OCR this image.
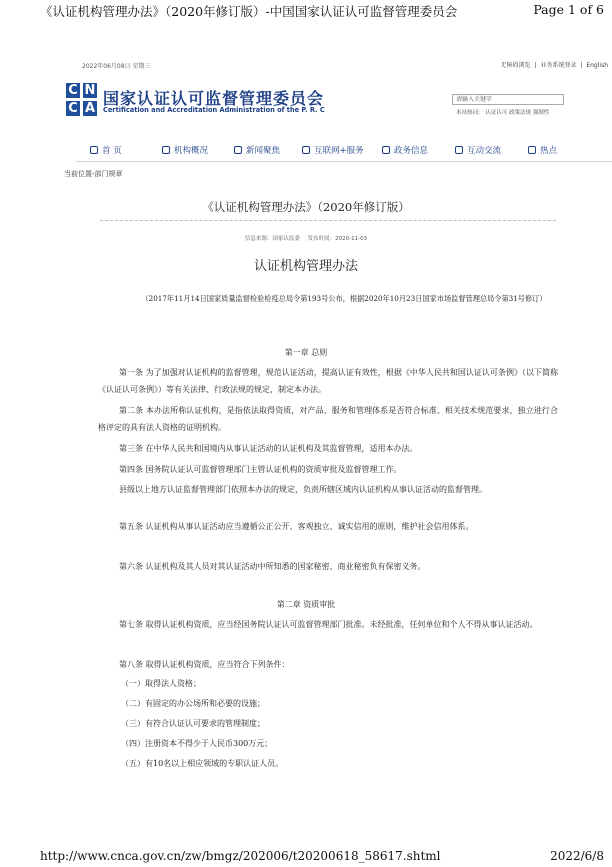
《认证机构管理办法》（2020年修订版）-中国国家认证认可监督管理委员会	Page 1 of 6
http://www.cnca.gov.cn/zw/bmgz/202006/t20200618_58617.shtml	2022/6/8
2022年06月08日 星期三	无障碍浏览 | 业务系统登录 | English
C N
C A
国家认证认可监督管理委员会
Certification and Accreditation Administration of the P. R. C
请输入关键字
本站热词： 认证认可 政策法规 强制性
首 页	机构概况	新闻聚焦	互联网+服务	政务信息	互动交流	热点
当前位置-部门规章
《认证机构管理办法》（2020年修订版）
信息来源：国家认监委 发布时间：2020-11-03
认证机构管理办法
（2017年11月14日国家质量监督检验检疫总局令第193号公布，根据2020年10月23日国家市场监督管理总局令第31号修订）
第一章 总则
第一条 为了加强对认证机构的监督管理，规范认证活动，提高认证有效性，根据《中华人民共和国认证认可条例》（以下简称《认证认可条例》）等有关法律、行政法规的规定，制定本办法。
第二条 本办法所称认证机构，是指依法取得资质，对产品、服务和管理体系是否符合标准、相关技术规范要求，独立进行合格评定的具有法人资格的证明机构。
第三条 在中华人民共和国境内从事认证活动的认证机构及其监督管理，适用本办法。
第四条 国务院认证认可监督管理部门主管认证机构的资质审批及监督管理工作。
县级以上地方认证监督管理部门依照本办法的规定，负责所辖区域内认证机构从事认证活动的监督管理。
第五条 认证机构从事认证活动应当遵循公正公开、客观独立、诚实信用的原则，维护社会信用体系。
第六条 认证机构及其人员对其认证活动中所知悉的国家秘密、商业秘密负有保密义务。
第二章 资质审批
第七条 取得认证机构资质，应当经国务院认证认可监督管理部门批准。未经批准，任何单位和个人不得从事认证活动。
第八条 取得认证机构资质，应当符合下列条件：
（一）取得法人资格；
（二）有固定的办公场所和必要的设施；
（三）有符合认证认可要求的管理制度；
（四）注册资本不得少于人民币300万元；
（五）有10名以上相应领域的专职认证人员。
